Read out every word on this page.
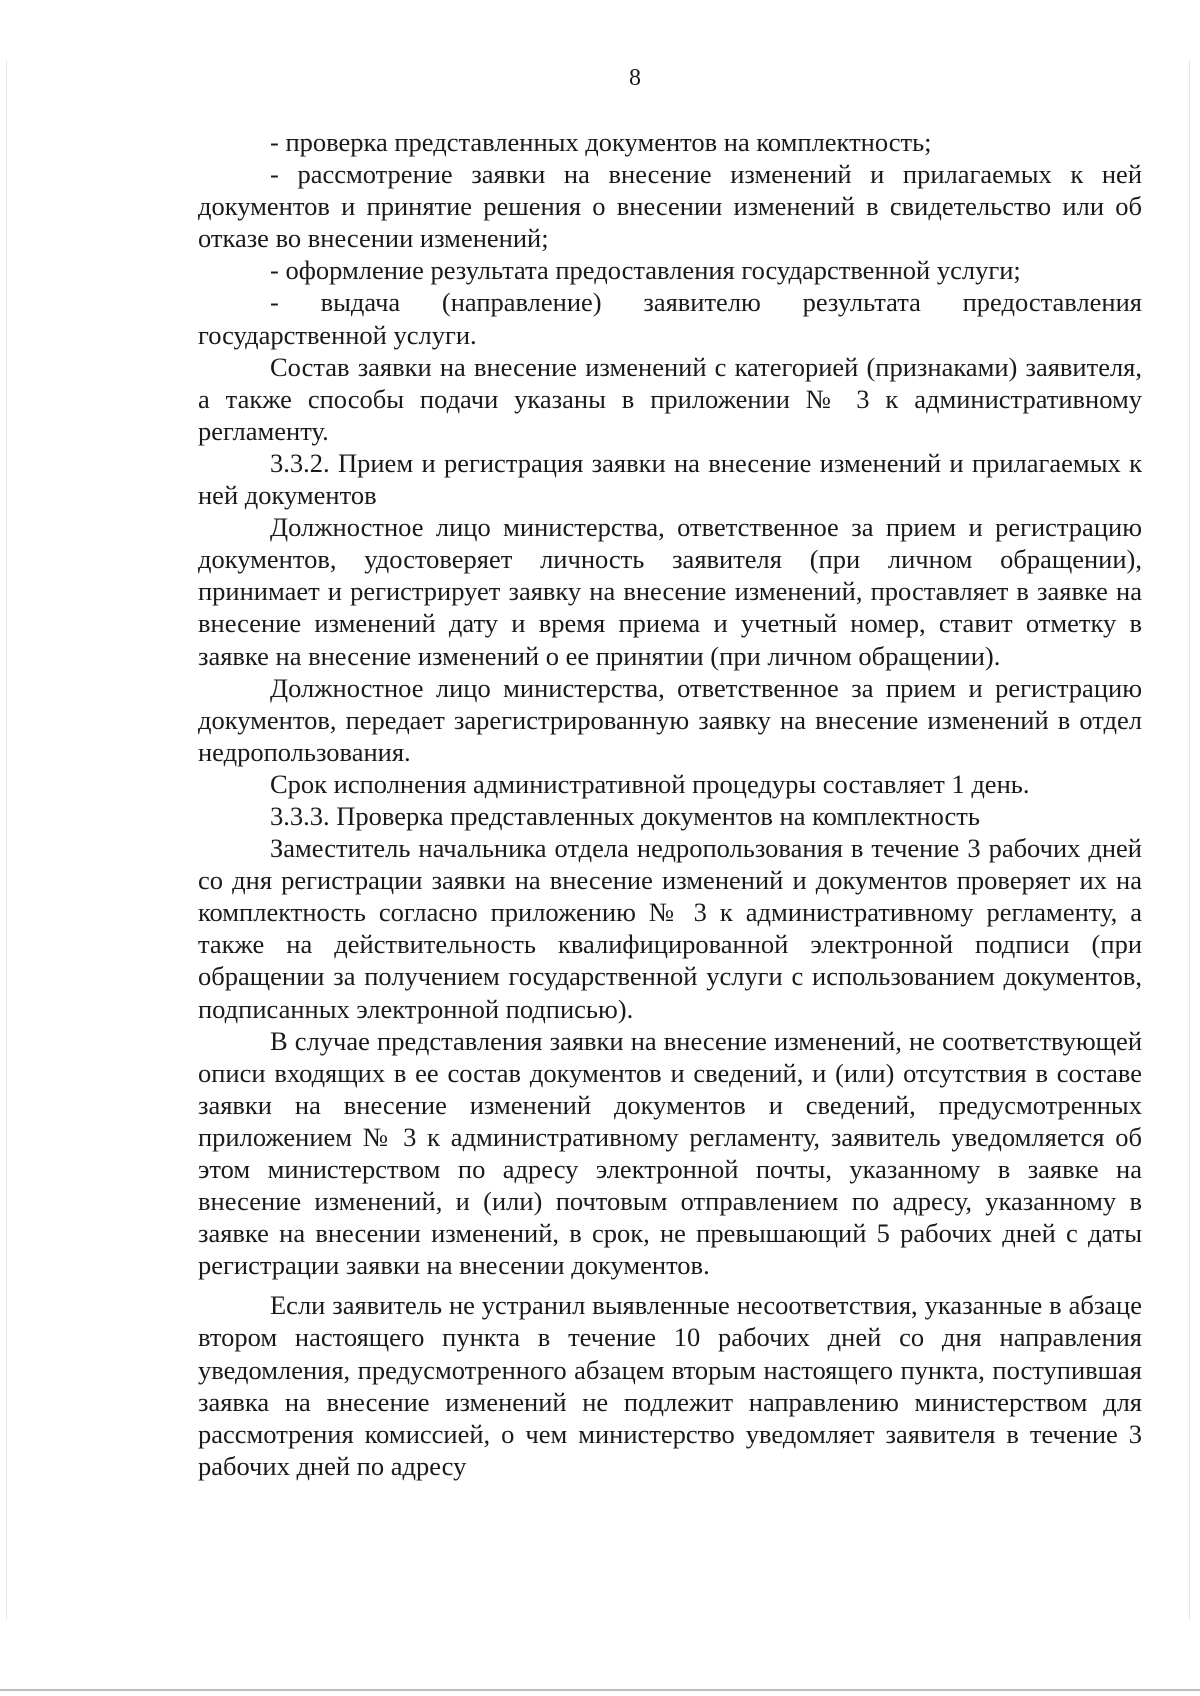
8

- проверка представленных документов на комплектность;

- рассмотрение заявки на внесение изменений и прилагаемых к ней документов и принятие решения о внесении изменений в свидетельство или об отказе во внесении изменений;

- оформление результата предоставления государственной услуги;

- выдача (направление) заявителю результата предоставления государственной услуги.

Состав заявки на внесение изменений с категорией (признаками) заявителя, а также способы подачи указаны в приложении № 3 к административному регламенту.

3.3.2. Прием и регистрация заявки на внесение изменений и прилагаемых к ней документов

Должностное лицо министерства, ответственное за прием и регистрацию документов, удостоверяет личность заявителя (при личном обращении), принимает и регистрирует заявку на внесение изменений, проставляет в заявке на внесение изменений дату и время приема и учетный номер, ставит отметку в заявке на внесение изменений о ее принятии (при личном обращении).

Должностное лицо министерства, ответственное за прием и регистрацию документов, передает зарегистрированную заявку на внесение изменений в отдел недропользования.

Срок исполнения административной процедуры составляет 1 день.

3.3.3. Проверка представленных документов на комплектность

Заместитель начальника отдела недропользования в течение 3 рабочих дней со дня регистрации заявки на внесение изменений и документов проверяет их на комплектность согласно приложению № 3 к административному регламенту, а также на действительность квалифицированной электронной подписи (при обращении за получением государственной услуги с использованием документов, подписанных электронной подписью).

В случае представления заявки на внесение изменений, не соответствующей описи входящих в ее состав документов и сведений, и (или) отсутствия в составе заявки на внесение изменений документов и сведений, предусмотренных приложением № 3 к административному регламенту, заявитель уведомляется об этом министерством по адресу электронной почты, указанному в заявке на внесение изменений, и (или) почтовым отправлением по адресу, указанному в заявке на внесении изменений, в срок, не превышающий 5 рабочих дней с даты регистрации заявки на внесении документов.

Если заявитель не устранил выявленные несоответствия, указанные в абзаце втором настоящего пункта в течение 10 рабочих дней со дня направления уведомления, предусмотренного абзацем вторым настоящего пункта, поступившая заявка на внесение изменений не подлежит направлению министерством для рассмотрения комиссией, о чем министерство уведомляет заявителя в течение 3 рабочих дней по адресу
